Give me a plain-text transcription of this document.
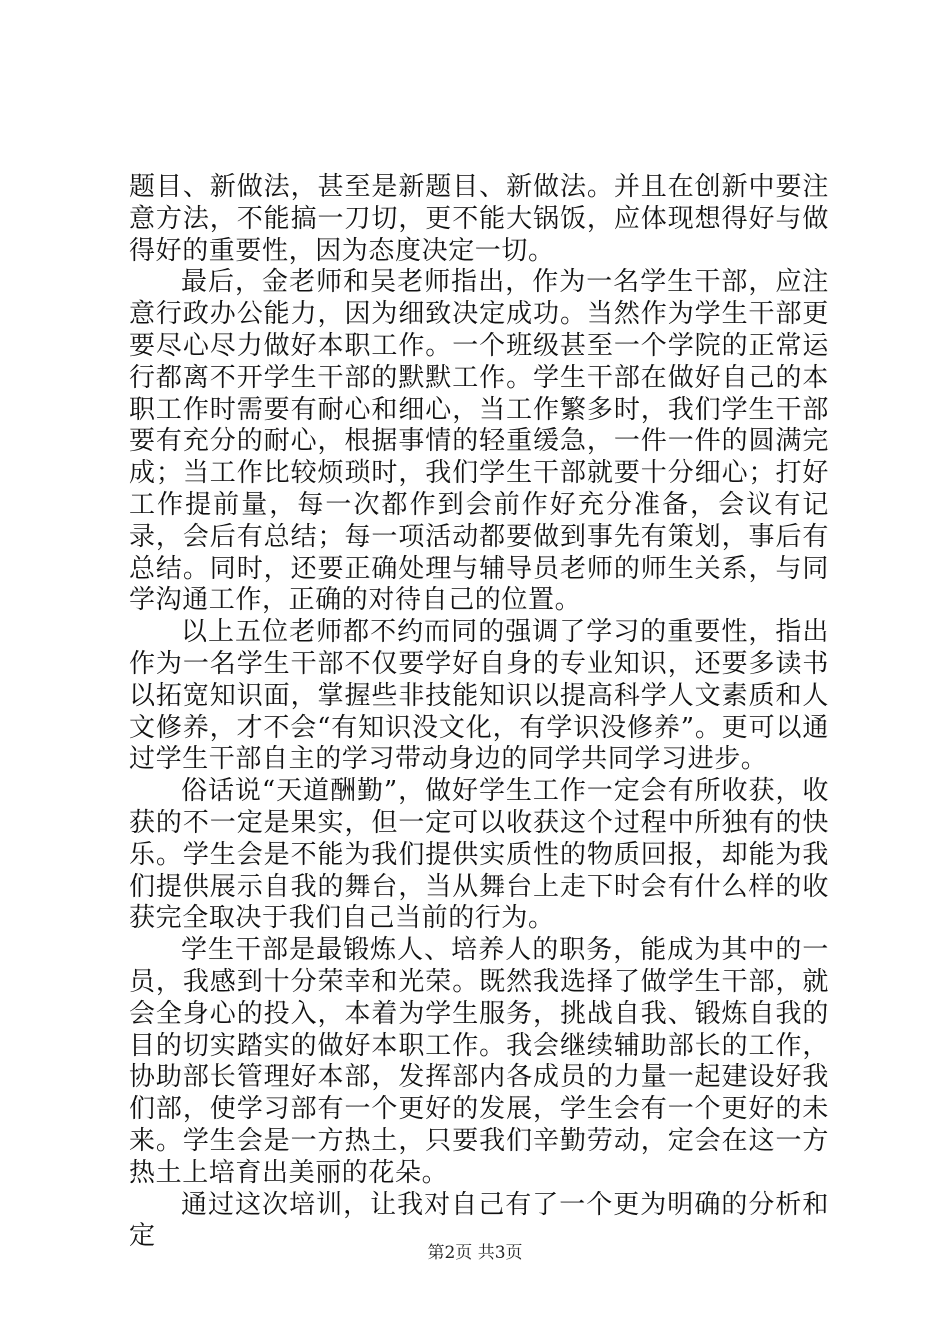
题目、新做法，甚至是新题目、新做法。并且在创新中要注意方法，不能搞一刀切，更不能大锅饭，应体现想得好与做得好的重要性，因为态度决定一切。

最后，金老师和吴老师指出，作为一名学生干部，应注意行政办公能力，因为细致决定成功。当然作为学生干部更要尽心尽力做好本职工作。一个班级甚至一个学院的正常运行都离不开学生干部的默默工作。学生干部在做好自己的本职工作时需要有耐心和细心，当工作繁多时，我们学生干部要有充分的耐心，根据事情的轻重缓急，一件一件的圆满完成；当工作比较烦琐时，我们学生干部就要十分细心；打好工作提前量，每一次都作到会前作好充分准备，会议有记录，会后有总结；每一项活动都要做到事先有策划，事后有总结。同时，还要正确处理与辅导员老师的师生关系，与同学沟通工作，正确的对待自己的位置。

以上五位老师都不约而同的强调了学习的重要性，指出作为一名学生干部不仅要学好自身的专业知识，还要多读书以拓宽知识面，掌握些非技能知识以提高科学人文素质和人文修养，才不会“有知识没文化，有学识没修养”。更可以通过学生干部自主的学习带动身边的同学共同学习进步。

俗话说“天道酬勤”，做好学生工作一定会有所收获，收获的不一定是果实，但一定可以收获这个过程中所独有的快乐。学生会是不能为我们提供实质性的物质回报，却能为我们提供展示自我的舞台，当从舞台上走下时会有什么样的收获完全取决于我们自己当前的行为。

学生干部是最锻炼人、培养人的职务，能成为其中的一员，我感到十分荣幸和光荣。既然我选择了做学生干部，就会全身心的投入，本着为学生服务，挑战自我、锻炼自我的目的切实踏实的做好本职工作。我会继续辅助部长的工作，协助部长管理好本部，发挥部内各成员的力量一起建设好我们部，使学习部有一个更好的发展，学生会有一个更好的未来。学生会是一方热土，只要我们辛勤劳动，定会在这一方热土上培育出美丽的花朵。

通过这次培训，让我对自己有了一个更为明确的分析和定

第2页 共3页
